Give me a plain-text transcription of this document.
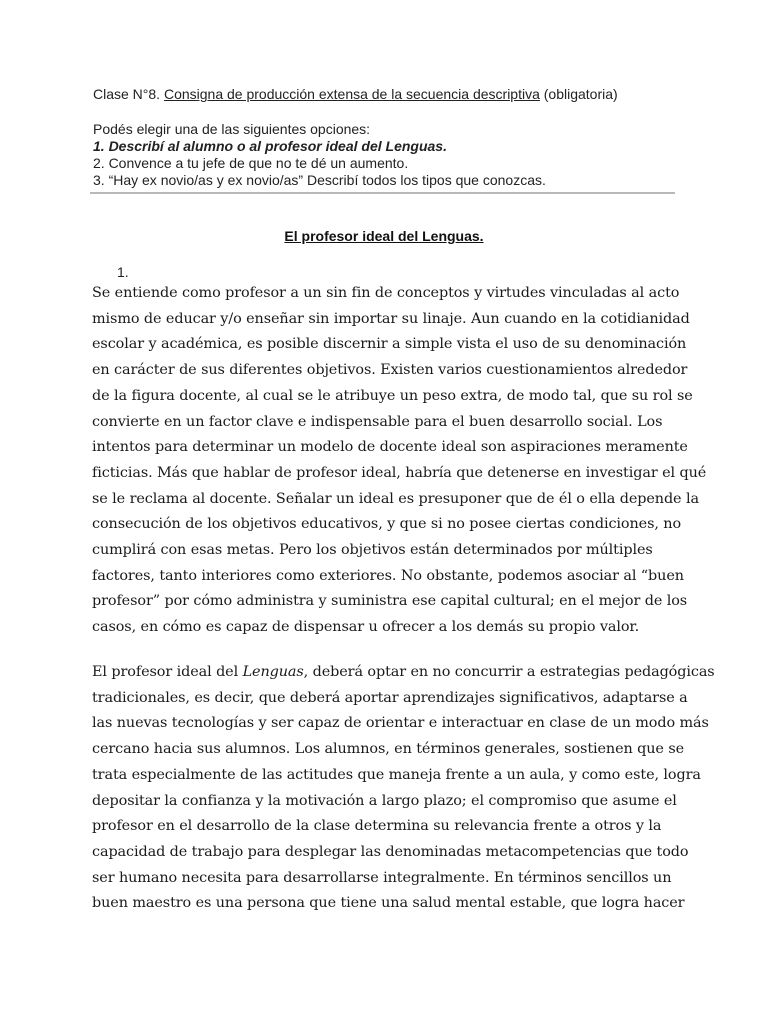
Clase N°8. Consigna de producción extensa de la secuencia descriptiva (obligatoria)
Podés elegir una de las siguientes opciones:
1. Describí al alumno o al profesor ideal del Lenguas.
2. Convence a tu jefe de que no te dé un aumento.
3. “Hay ex novio/as y ex novio/as” Describí todos los tipos que conozcas.
El profesor ideal del Lenguas.
1.
Se entiende como profesor a un sin fin de conceptos y virtudes vinculadas al acto
mismo de educar y/o enseñar sin importar su linaje. Aun cuando en la cotidianidad
escolar y académica, es posible discernir a simple vista el uso de su denominación
en carácter de sus diferentes objetivos. Existen varios cuestionamientos alrededor
de la figura docente, al cual se le atribuye un peso extra, de modo tal, que su rol se
convierte en un factor clave e indispensable para el buen desarrollo social. Los
intentos para determinar un modelo de docente ideal son aspiraciones meramente
ficticias. Más que hablar de profesor ideal, habría que detenerse en investigar el qué
se le reclama al docente. Señalar un ideal es presuponer que de él o ella depende la
consecución de los objetivos educativos, y que si no posee ciertas condiciones, no
cumplirá con esas metas. Pero los objetivos están determinados por múltiples
factores, tanto interiores como exteriores. No obstante, podemos asociar al “buen
profesor” por cómo administra y suministra ese capital cultural; en el mejor de los
casos, en cómo es capaz de dispensar u ofrecer a los demás su propio valor.
El profesor ideal del Lenguas, deberá optar en no concurrir a estrategias pedagógicas
tradicionales, es decir, que deberá aportar aprendizajes significativos, adaptarse a
las nuevas tecnologías y ser capaz de orientar e interactuar en clase de un modo más
cercano hacia sus alumnos. Los alumnos, en términos generales, sostienen que se
trata especialmente de las actitudes que maneja frente a un aula, y como este, logra
depositar la confianza y la motivación a largo plazo; el compromiso que asume el
profesor en el desarrollo de la clase determina su relevancia frente a otros y la
capacidad de trabajo para desplegar las denominadas metacompetencias que todo
ser humano necesita para desarrollarse integralmente. En términos sencillos un
buen maestro es una persona que tiene una salud mental estable, que logra hacer
